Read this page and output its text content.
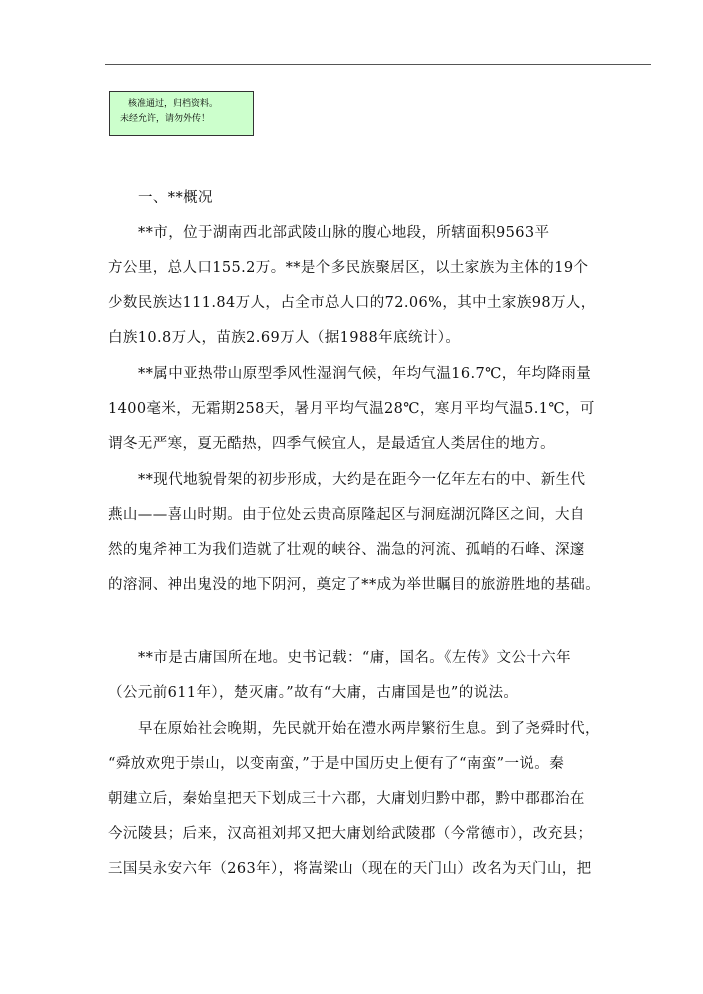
核准通过，归档资料。
未经允许，请勿外传！
一、**概况
**市，位于湖南西北部武陵山脉的腹心地段，所辖面积9563平
方公里，总人口155.2万。**是个多民族聚居区，以土家族为主体的19个
少数民族达111.84万人，占全市总人口的72.06%，其中土家族98万人，
白族10.8万人，苗族2.69万人（据1988年底统计）。
**属中亚热带山原型季风性湿润气候，年均气温16.7℃，年均降雨量
1400毫米，无霜期258天，暑月平均气温28℃，寒月平均气温5.1℃，可
谓冬无严寒，夏无酷热，四季气候宜人，是最适宜人类居住的地方。
**现代地貌骨架的初步形成，大约是在距今一亿年左右的中、新生代
燕山——喜山时期。由于位处云贵高原隆起区与洞庭湖沉降区之间，大自
然的鬼斧神工为我们造就了壮观的峡谷、湍急的河流、孤峭的石峰、深邃
的溶洞、神出鬼没的地下阴河，奠定了**成为举世瞩目的旅游胜地的基础。
**市是古庸国所在地。史书记载：“庸，国名。《左传》文公十六年
（公元前611年），楚灭庸。”故有“大庸，古庸国是也”的说法。
早在原始社会晚期，先民就开始在澧水两岸繁衍生息。到了尧舜时代，
“舜放欢兜于崇山，以变南蛮，”于是中国历史上便有了“南蛮”一说。秦
朝建立后，秦始皇把天下划成三十六郡，大庸划归黔中郡，黔中郡郡治在
今沅陵县；后来，汉高祖刘邦又把大庸划给武陵郡（今常德市），改充县；
三国吴永安六年（263年），将嵩梁山（现在的天门山）改名为天门山，把
